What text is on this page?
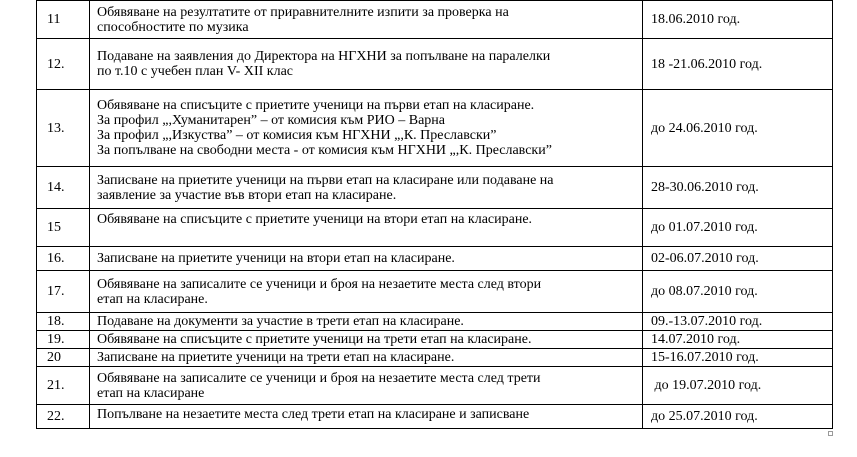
11	Обявяване на резултатите от приравнителните изпити за проверка на
способностите по музика	18.06.2010 год.
12.	Подаване на заявления до Директора на НГХНИ за попълване на паралелки
по т.10 с учебен план V- XII клас	18 -21.06.2010 год.
13.	Обявяване на списъците с приетите ученици на първи етап на класиране.
За профил „,Хуманитарен” – от комисия към РИО – Варна
За профил „,Изкуства” – от комисия към НГХНИ „,К. Преславски”
За попълване на свободни места - от комисия към НГХНИ „,К. Преславски”	до 24.06.2010 год.
14.	Записване на приетите ученици на първи етап на класиране или подаване на
заявление за участие във втори етап на класиране.	28-30.06.2010 год.
15	Обявяване на списъците с приетите ученици на втори етап на класиране.	до 01.07.2010 год.
16.	Записване на приетите ученици на втори етап на класиране.	02-06.07.2010 год.
17.	Обявяване на записалите се ученици и броя на незаетите места след втори
етап на класиране.	до 08.07.2010 год.
18.	Подаване на документи за участие в трети етап на класиране.	09.-13.07.2010 год.
19.	Обявяване на списъците с приетите ученици на трети етап на класиране.	14.07.2010 год.
20	Записване на приетите ученици на трети етап на класиране.	15-16.07.2010 год.
21.	Обявяване на записалите се ученици и броя на незаетите места след трети
етап на класиране	до 19.07.2010 год.
22.	Попълване на незаетите места след трети етап на класиране и записване	до 25.07.2010 год.
